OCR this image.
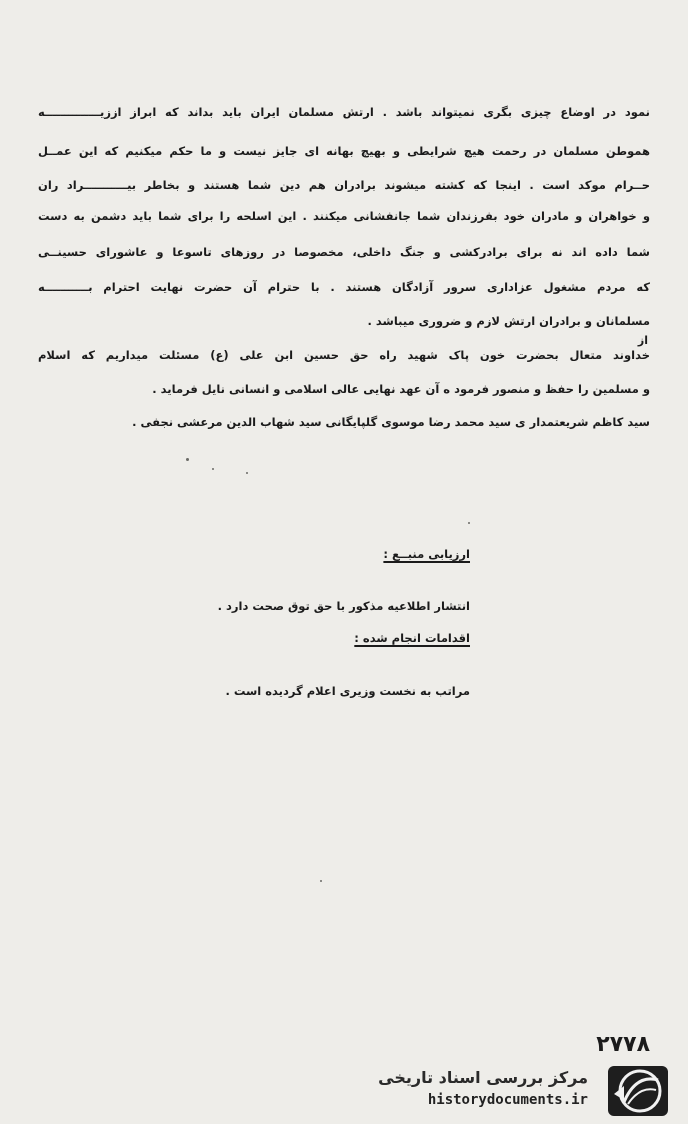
نمود در اوضاع چیزی بگری نمیتواند باشد . ارتش مسلمان ایران باید بداند که ابراز اززیــــــــــــــه
هموطن مسلمان در رحمت هیچ شرایطی و بهیچ بهانه ای جایز نیست و ما حکم میکنیم که این عمــل
حــرام موکد است . اینجا که کشته میشوند برادران هم دین شما هستند و بخاطر بیـــــــــــراد ران
و خواهران و مادران خود بفرزندان شما جانفشانی میکنند . این اسلحه را برای شما باید دشمن به دست
شما داده اند نه برای برادرکشی و جنگ داخلی، مخصوصا در روزهای تاسوعا و عاشورای حسینــی
که مردم مشغول عزاداری سرور آزادگان هستند . با حترام آن حضرت نهایت احترام بـــــــــــه
مسلمانان و برادران ارتش لازم و ضروری میباشد .
از
خداوند متعال بحضرت خون پاک شهید راه حق حسین ابن علی (ع) مسئلت میداریم که اسلام
و مسلمین را حفظ و منصور فرمود ه آن عهد نهایی عالی اسلامی و انسانی نایل فرماید .
سید کاظم شریعتمدار ی سید محمد رضا موسوی گلپایگانی سید شهاب الدین مرعشی نجفی .
ارزیابی منبــع :
انتشار اطلاعیه مذکور با حق توق صحت دارد .
اقدامات انجام شده :
مراتب به نخست وزیری اعلام گردیده است .
۲۷۷۸
مرکز بررسی اسناد تاریخی
historydocuments.ir
